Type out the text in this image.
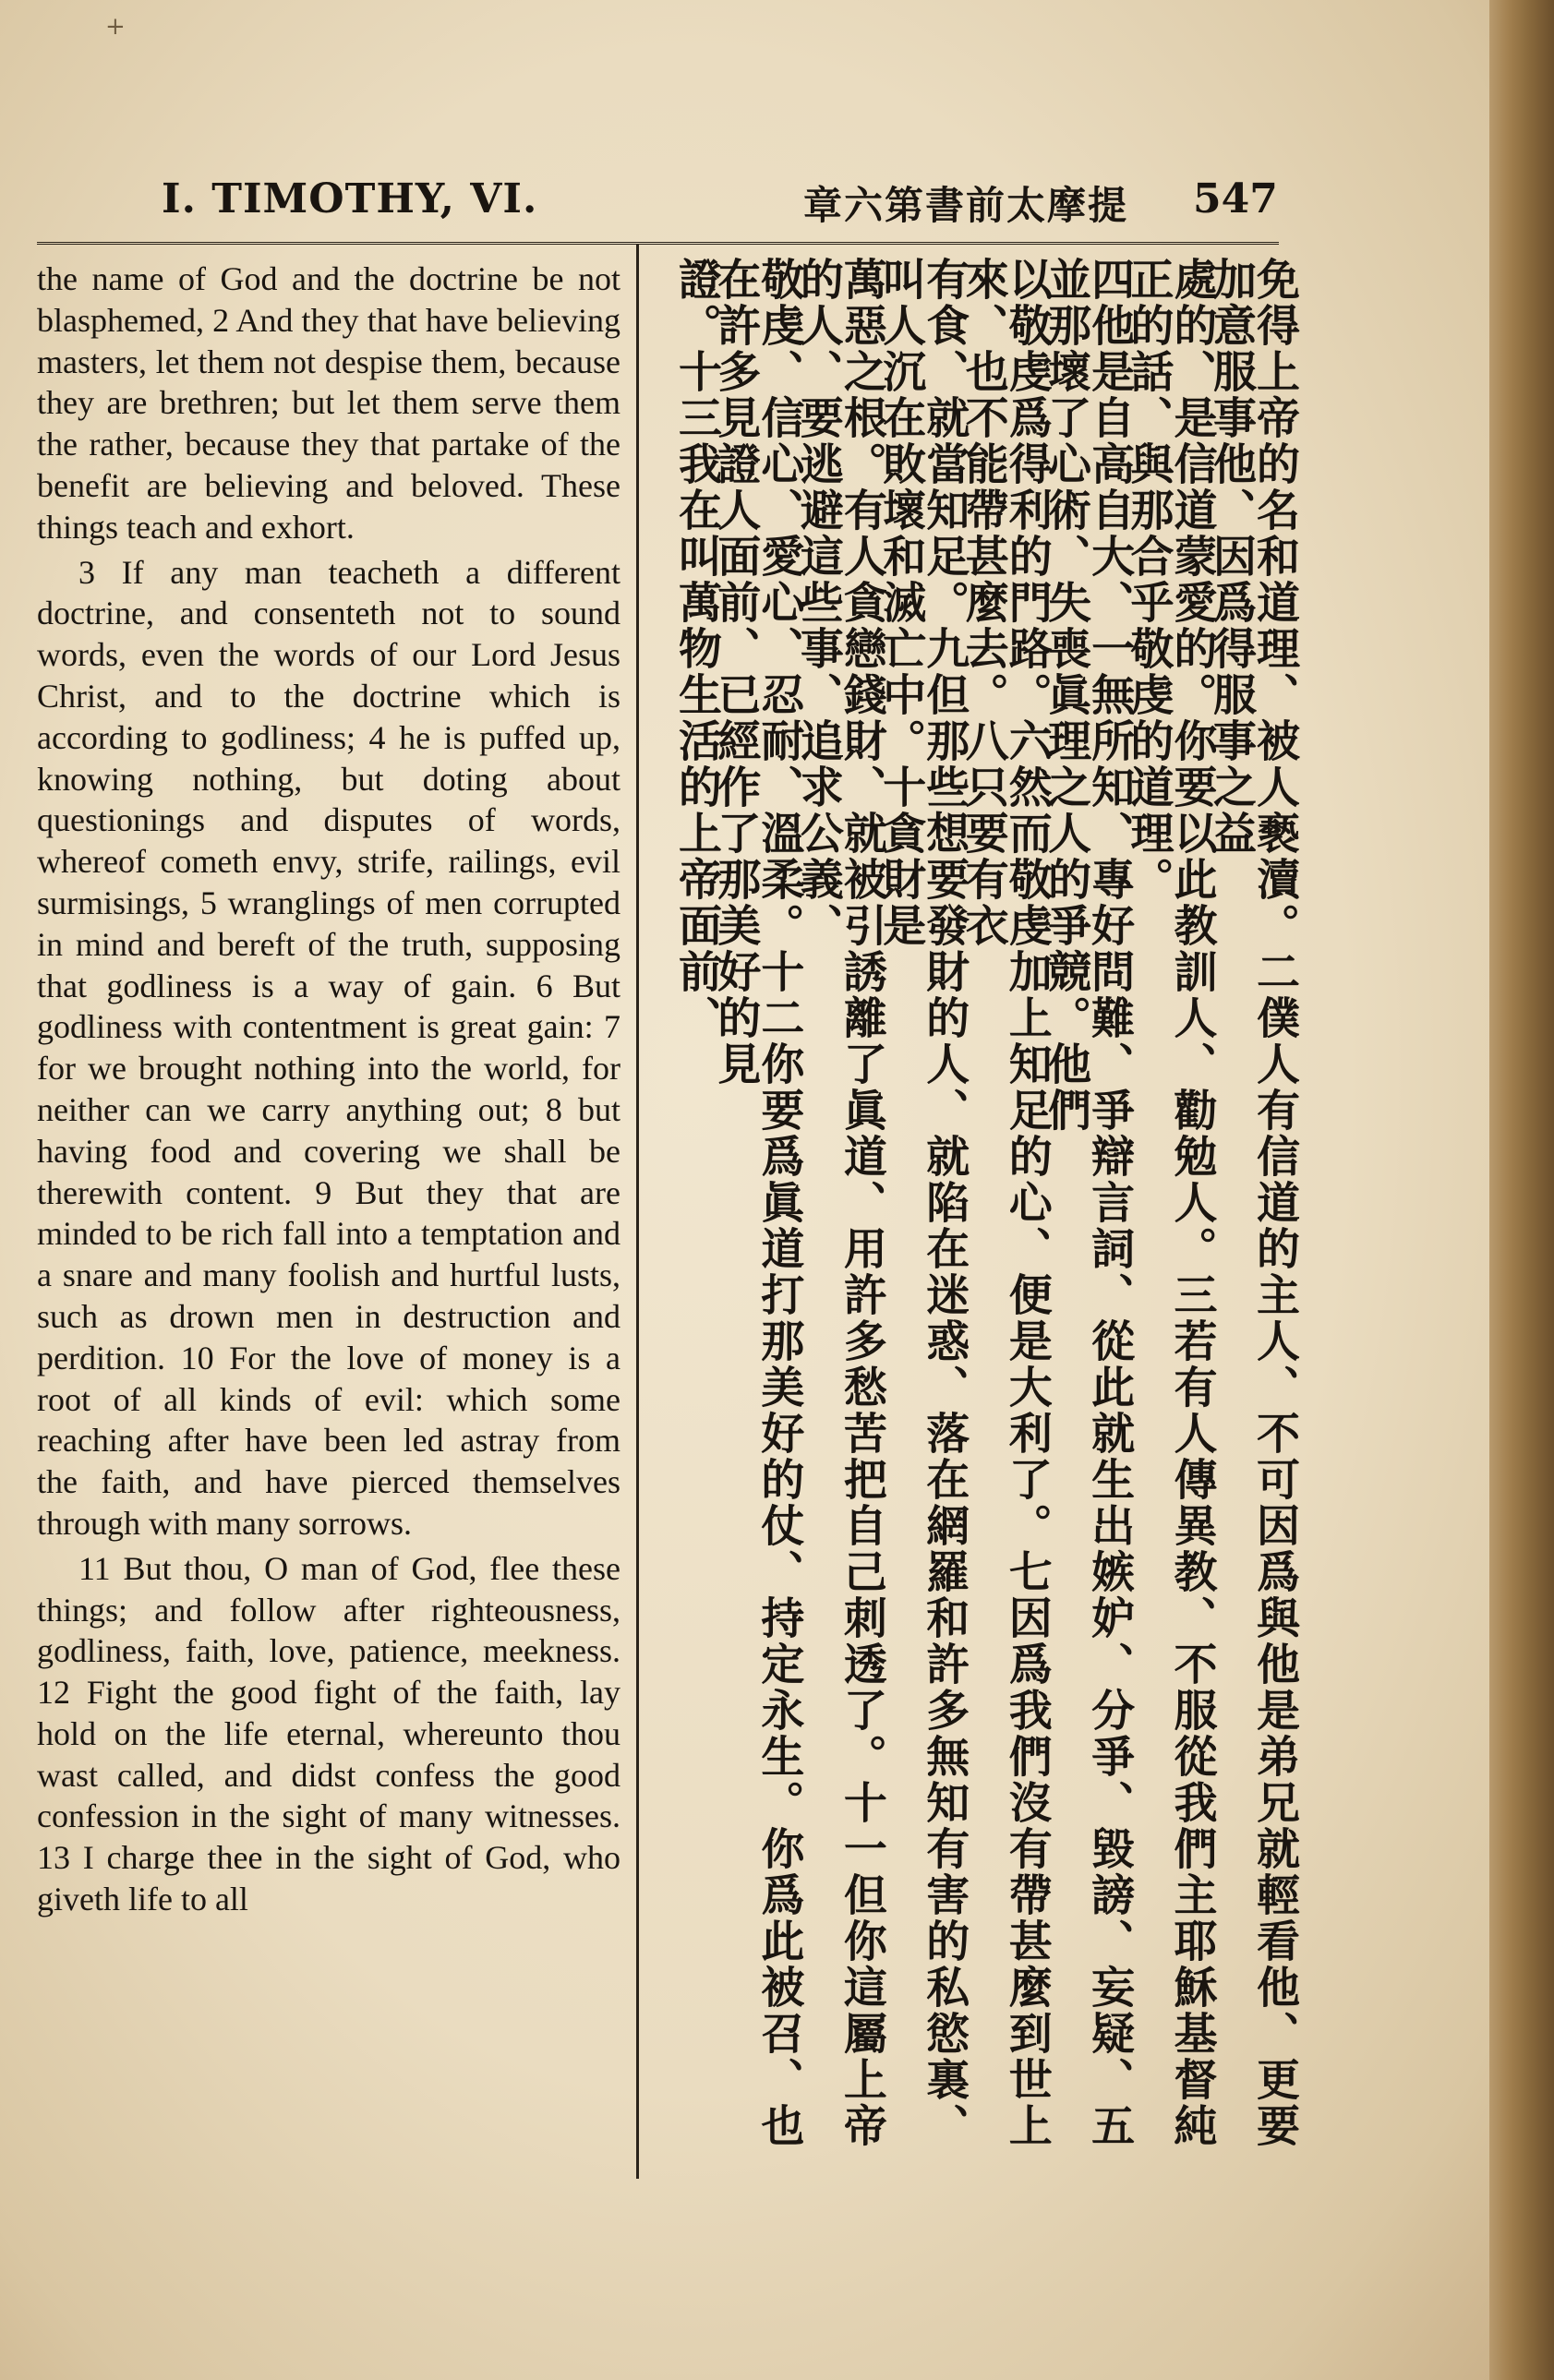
+
I. TIMOTHY, VI.	章六第書前太摩提 547

the name of God and the doctrine be not blasphemed, 2 And they that have believing masters, let them not despise them, because they are brethren; but let them serve them the rather, because they that partake of the benefit are believing and beloved. These things teach and exhort.

3 If any man teacheth a different doctrine, and consenteth not to sound words, even the words of our Lord Jesus Christ, and to the doctrine which is according to godliness; 4 he is puffed up, knowing nothing, but doting about questionings and disputes of words, whereof cometh envy, strife, railings, evil surmisings, 5 wranglings of men corrupted in mind and bereft of the truth, supposing that godliness is a way of gain. 6 But godliness with contentment is great gain: 7 for we brought nothing into the world, for neither can we carry anything out; 8 but having food and covering we shall be therewith content. 9 But they that are minded to be rich fall into a temptation and a snare and many foolish and hurtful lusts, such as drown men in destruction and perdition. 10 For the love of money is a root of all kinds of evil: which some reaching after have been led astray from the faith, and have pierced themselves through with many sorrows.

11 But thou, O man of God, flee these things; and follow after righteousness, godliness, faith, love, patience, meekness. 12 Fight the good fight of the faith, lay hold on the life eternal, whereunto thou wast called, and didst confess the good confession in the sight of many witnesses. 13 I charge thee in the sight of God, who giveth life to all	免得上帝的名和道理、被人褻瀆。二僕人有信道的主人、不可因爲與他是弟兄就輕看他、更要加意服事他、因爲得服事之益
處的、是信道蒙愛的。你要以此教訓人、勸勉人。三若有人傳異教、不服從我們主耶穌基督純正的話、與那合乎敬虔的道理。
四他是自高自大、一無所知、專好問難、爭辯言詞、從此就生出嫉妒、分爭、毀謗、妄疑、五並那壞了心術、失喪眞理之人的爭競。他們
以敬虔爲得利的門路。六然而敬虔加上知足的心、便是大利了。七因爲我們沒有帶甚麼到世上來、也不能帶甚麼去。八只要有衣
有食、就當知足。九但那些想要發財的人、就陷在迷惑、落在網羅和許多無知有害的私慾裏、叫人沉在敗壞和滅亡中。十貪財是
萬惡之根。有人貪戀錢財、就被引誘離了眞道、用許多愁苦把自己刺透了。十一但你這屬上帝的人、要逃避這些事、追求公義、
敬虔、信心、愛心、忍耐、溫柔。十二你要爲眞道打那美好的仗、持定永生。你爲此被召、也在許多見證人面前、已經作了那美好的見
證。十三我在叫萬物生活的上帝面前、
